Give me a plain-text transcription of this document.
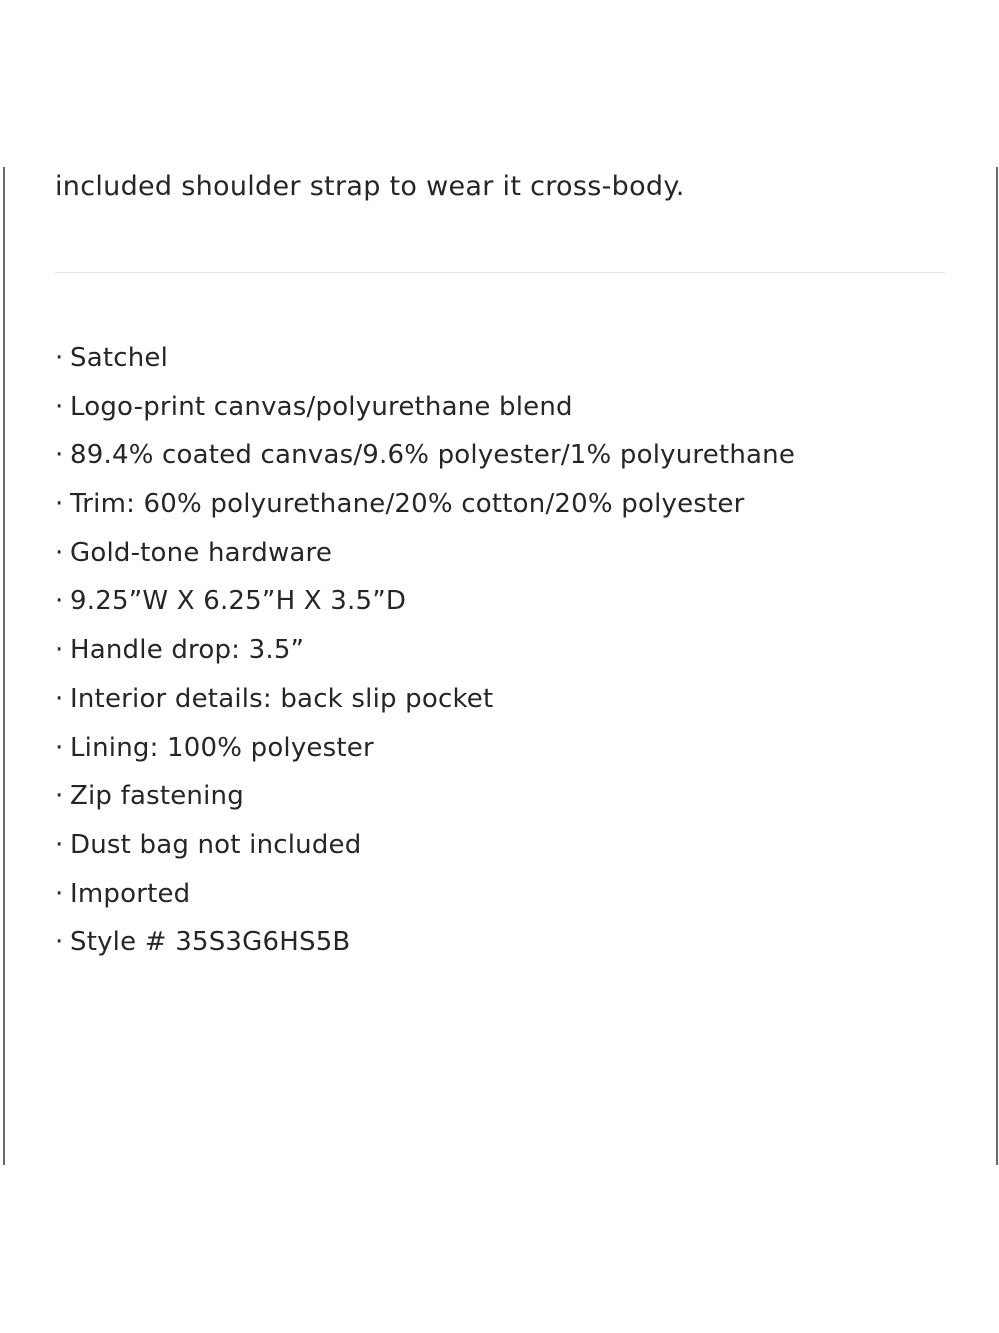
included shoulder strap to wear it cross-body.

· Satchel
· Logo-print canvas/polyurethane blend
· 89.4% coated canvas/9.6% polyester/1% polyurethane
· Trim: 60% polyurethane/20% cotton/20% polyester
· Gold-tone hardware
· 9.25”W X 6.25”H X 3.5”D
· Handle drop: 3.5”
· Interior details: back slip pocket
· Lining: 100% polyester
· Zip fastening
· Dust bag not included
· Imported
· Style # 35S3G6HS5B
